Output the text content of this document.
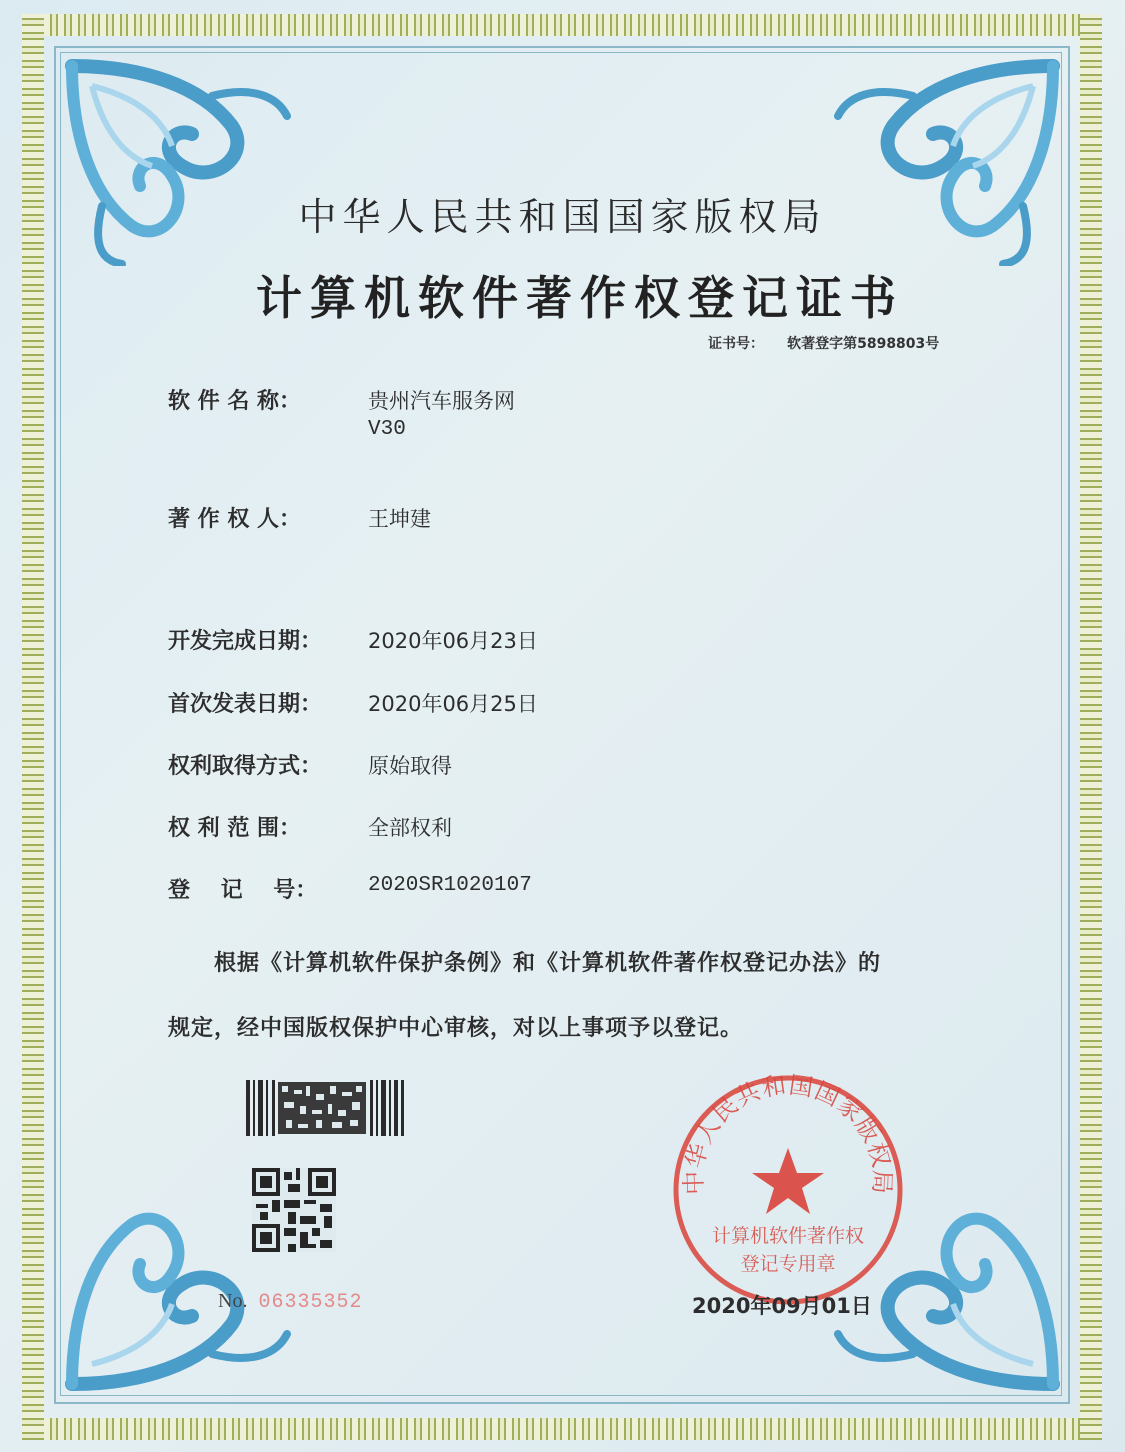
中华人民共和国国家版权局
计算机软件著作权登记证书
证书号： 软著登字第5898803号
软 件 名 称：	贵州汽车服务网
V30
著 作 权 人：	王坤建
开发完成日期： 2020年06月23日
首次发表日期： 2020年06月25日
权利取得方式： 原始取得
权 利 范 围：	全部权利
登    记    号： 2020SR1020107
根据《计算机软件保护条例》和《计算机软件著作权登记办法》的
规定，经中国版权保护中心审核，对以上事项予以登记。
No. 06335352
中华人民共和国国家版权局
计算机软件著作权
登记专用章
2020年09月01日
